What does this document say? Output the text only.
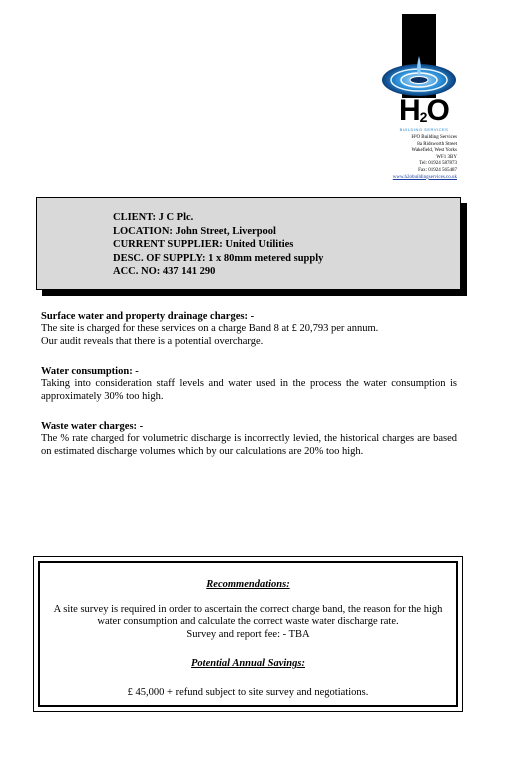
$H_2O$
BUILDING SERVICES
H²O Building Services
8a Ridsworth Street
Wakefield, West Yorks
WF1 3BY
Tel: 01924 587873
Fax: 01924 565487
www.h2obuildingservices.co.uk
CLIENT: J C Plc.
LOCATION: John Street, Liverpool
CURRENT SUPPLIER: United Utilities
DESC. OF SUPPLY: 1 x 80mm metered supply
ACC. NO: 437 141 290
Surface water and property drainage charges: -

The site is charged for these services on a charge Band 8 at £ 20,793 per annum.

Our audit reveals that there is a potential overcharge.

Water consumption: -

Taking into consideration staff levels and water used in the process the water consumption is approximately 30% too high.

Waste water charges: -

The % rate charged for volumetric discharge is incorrectly levied, the historical charges are based on estimated discharge volumes which by our calculations are 20% too high.

Recommendations:
A site survey is required in order to ascertain the correct charge band, the reason for the high water consumption and calculate the correct waste water discharge rate.
Survey and report fee: - TBA
Potential Annual Savings:
£ 45,000 + refund subject to site survey and negotiations.
